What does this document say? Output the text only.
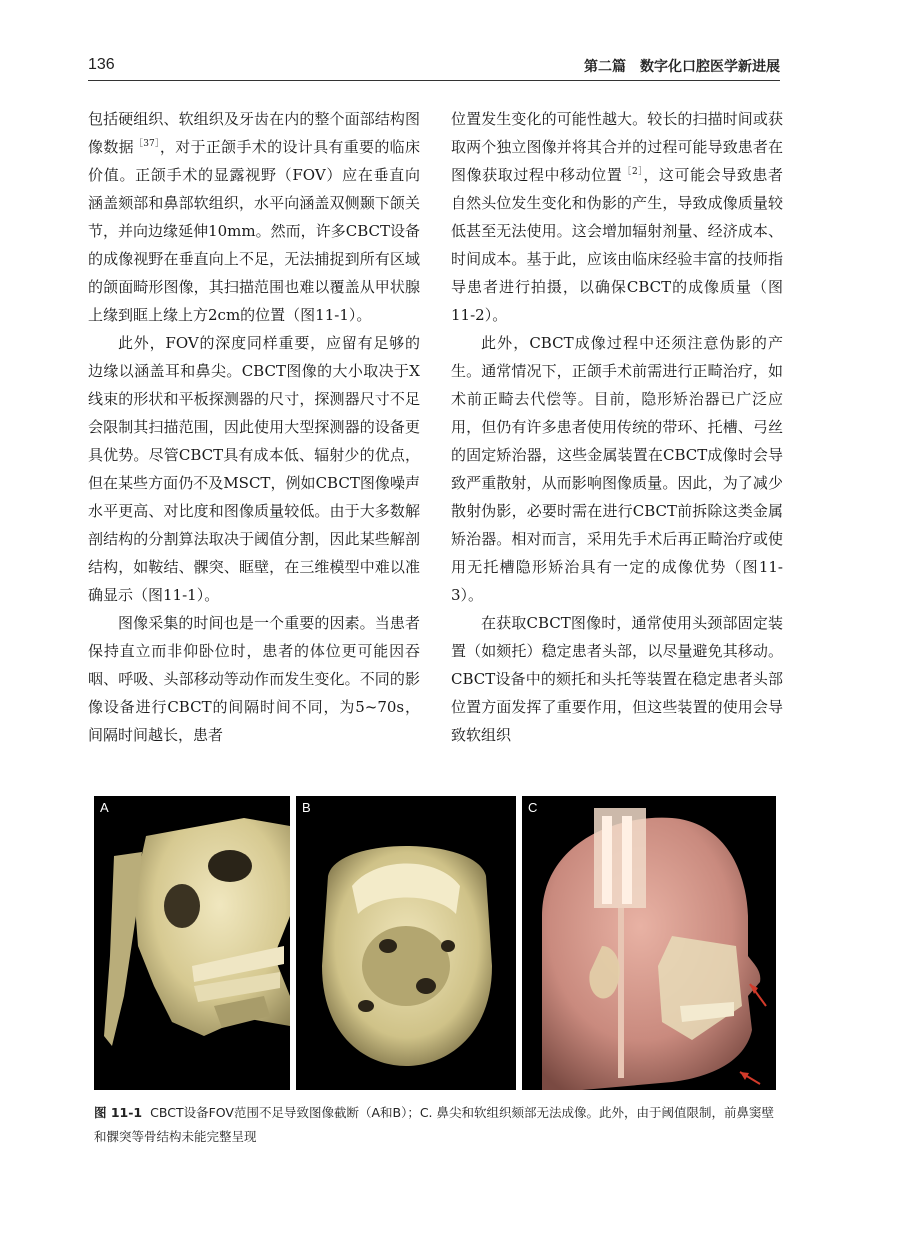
136	第二篇　数字化口腔医学新进展

包括硬组织、软组织及牙齿在内的整个面部结构图像数据$^{[37]}$，对于正颌手术的设计具有重要的临床价值。正颌手术的显露视野（FOV）应在垂直向涵盖颏部和鼻部软组织，水平向涵盖双侧颞下颌关节，并向边缘延伸10mm。然而，许多CBCT设备的成像视野在垂直向上不足，无法捕捉到所有区域的颌面畸形图像，其扫描范围也难以覆盖从甲状腺上缘到眶上缘上方2cm的位置（图11-1）。

此外，FOV的深度同样重要，应留有足够的边缘以涵盖耳和鼻尖。CBCT图像的大小取决于X线束的形状和平板探测器的尺寸，探测器尺寸不足会限制其扫描范围，因此使用大型探测器的设备更具优势。尽管CBCT具有成本低、辐射少的优点，但在某些方面仍不及MSCT，例如CBCT图像噪声水平更高、对比度和图像质量较低。由于大多数解剖结构的分割算法取决于阈值分割，因此某些解剖结构，如鞍结、髁突、眶壁，在三维模型中难以准确显示（图11-1）。

图像采集的时间也是一个重要的因素。当患者保持直立而非仰卧位时，患者的体位更可能因吞咽、呼吸、头部移动等动作而发生变化。不同的影像设备进行CBCT的间隔时间不同，为5~70s，间隔时间越长，患者

位置发生变化的可能性越大。较长的扫描时间或获取两个独立图像并将其合并的过程可能导致患者在图像获取过程中移动位置$^{[2]}$，这可能会导致患者自然头位发生变化和伪影的产生，导致成像质量较低甚至无法使用。这会增加辐射剂量、经济成本、时间成本。基于此，应该由临床经验丰富的技师指导患者进行拍摄，以确保CBCT的成像质量（图11-2）。

此外，CBCT成像过程中还须注意伪影的产生。通常情况下，正颌手术前需进行正畸治疗，如术前正畸去代偿等。目前，隐形矫治器已广泛应用，但仍有许多患者使用传统的带环、托槽、弓丝的固定矫治器，这些金属装置在CBCT成像时会导致严重散射，从而影响图像质量。因此，为了减少散射伪影，必要时需在进行CBCT前拆除这类金属矫治器。相对而言，采用先手术后再正畸治疗或使用无托槽隐形矫治具有一定的成像优势（图11-3）。

在获取CBCT图像时，通常使用头颈部固定装置（如颏托）稳定患者头部，以尽量避免其移动。CBCT设备中的颏托和头托等装置在稳定患者头部位置方面发挥了重要作用，但这些装置的使用会导致软组织

A	B	C
图 11-1 CBCT设备FOV范围不足导致图像截断（A和B）；C. 鼻尖和软组织颏部无法成像。此外，由于阈值限制，前鼻窦壁和髁突等骨结构未能完整呈现
